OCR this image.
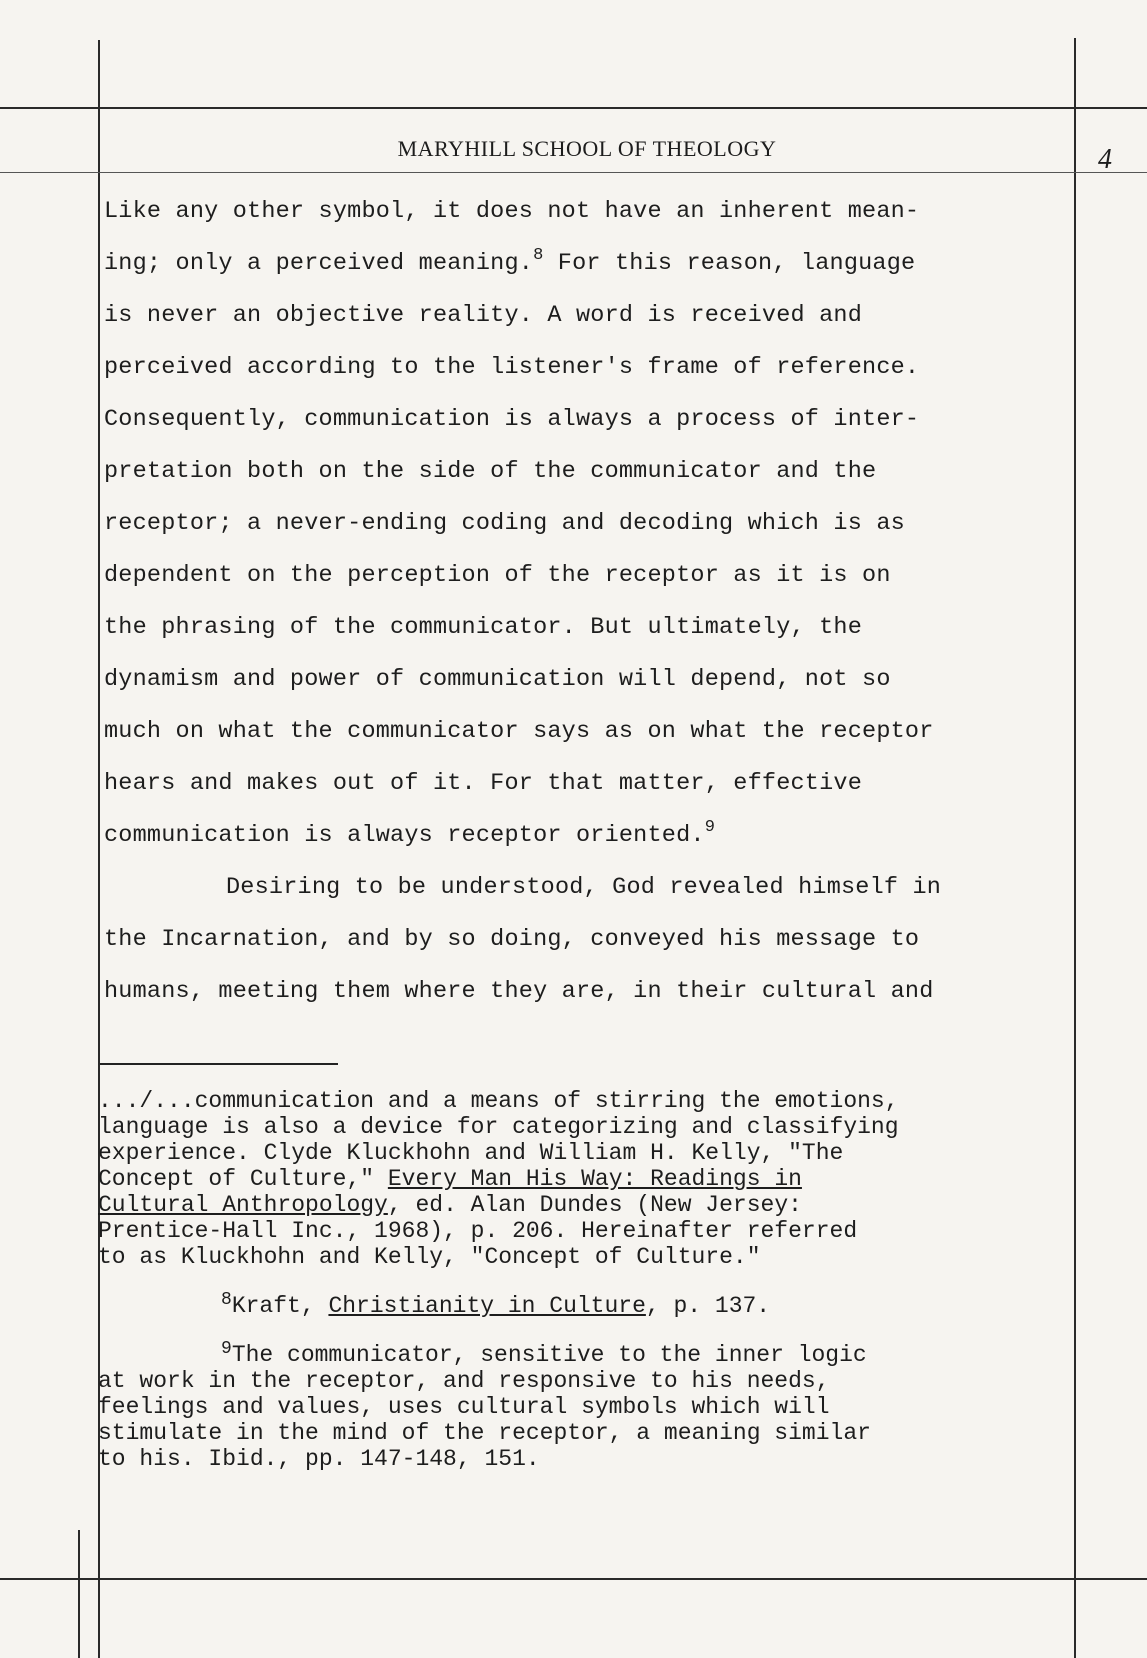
MARYHILL SCHOOL OF THEOLOGY	4
Like any other symbol, it does not have an inherent mean-
ing; only a perceived meaning.$^8$ For this reason, language
is never an objective reality. A word is received and
perceived according to the listener's frame of reference.
Consequently, communication is always a process of inter-
pretation both on the side of the communicator and the
receptor; a never-ending coding and decoding which is as
dependent on the perception of the receptor as it is on
the phrasing of the communicator. But ultimately, the
dynamism and power of communication will depend, not so
much on what the communicator says as on what the receptor
hears and makes out of it. For that matter, effective
communication is always receptor oriented.$^9$
Desiring to be understood, God revealed himself in
the Incarnation, and by so doing, conveyed his message to
humans, meeting them where they are, in their cultural and
.../...communication and a means of stirring the emotions,
language is also a device for categorizing and classifying
experience. Clyde Kluckhohn and William H. Kelly, "The
Concept of Culture," Every Man His Way: Readings in
Cultural Anthropology, ed. Alan Dundes (New Jersey:
Prentice-Hall Inc., 1968), p. 206. Hereinafter referred
to as Kluckhohn and Kelly, "Concept of Culture."
$^8$Kraft, Christianity in Culture, p. 137.
$^9$The communicator, sensitive to the inner logic
at work in the receptor, and responsive to his needs,
feelings and values, uses cultural symbols which will
stimulate in the mind of the receptor, a meaning similar
to his. Ibid., pp. 147-148, 151.
